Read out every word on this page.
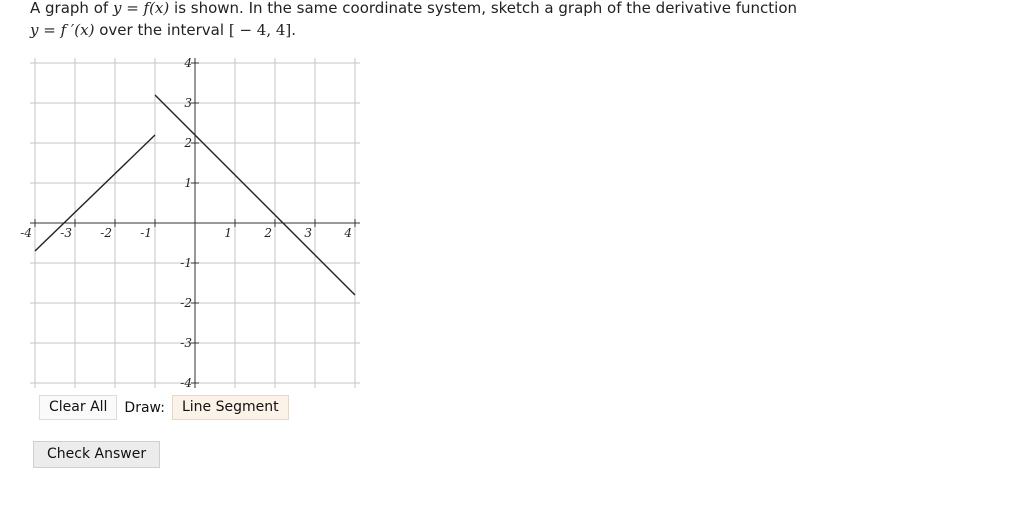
A graph of y = f(x) is shown. In the same coordinate system, sketch a graph of the derivative function
y = f ′(x) over the interval [ − 4, 4].
-4 -3 -2 -1	1	2	3	4
4
3
2
1
-1
-2
-3
-4
Clear All	Draw:	Line Segment
Check Answer
